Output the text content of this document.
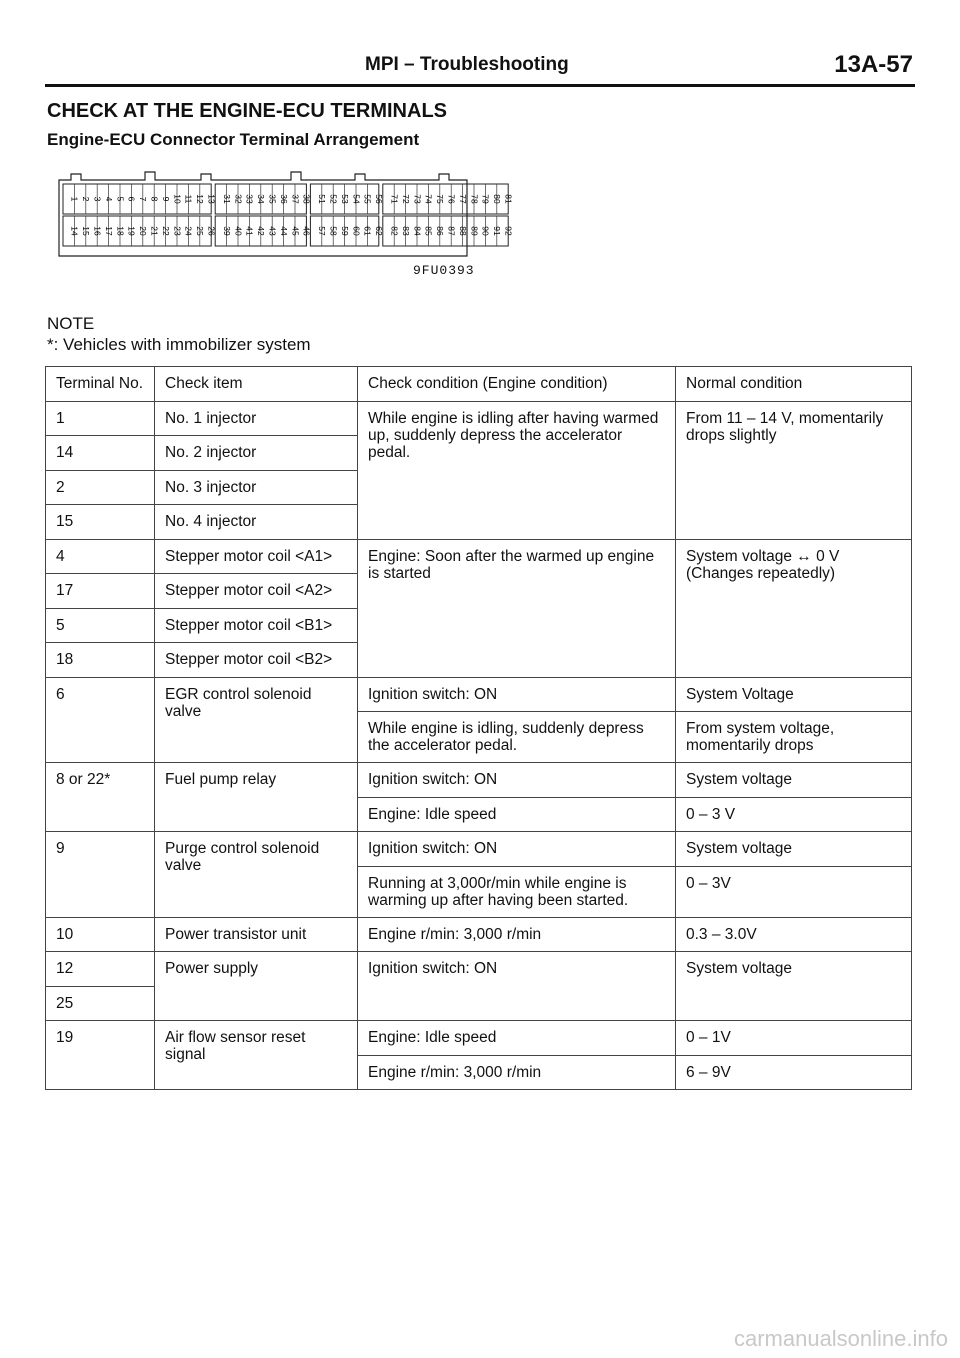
MPI – Troubleshooting	13A-57
CHECK AT THE ENGINE-ECU TERMINALS
Engine-ECU Connector Terminal Arrangement
1 2 3 4 5 6 7 8 9 10 11 12 13
14 15 16 17 18 19 20 21 22 23 24 25 26
31 32 33 34 35 36 37 38
39 40 41 42 43 44 45 46
51 52 53 54 55 56
57 58 59 60 61 62
71 72 73 74 75 76 77 78 79 80 81
82 83 84 85 86 87 88 89 90 91 92
9FU0393
NOTE
*: Vehicles with immobilizer system
Terminal No.	Check item	Check condition (Engine condition)	Normal condition
1	No. 1 injector	While engine is idling after having warmed up, suddenly depress the accelerator pedal.	From 11 – 14 V, momentarily drops slightly
14	No. 2 injector		
2	No. 3 injector		
15	No. 4 injector		
4	Stepper motor coil <A1>	Engine: Soon after the warmed up engine is started	System voltage ↔ 0 V (Changes repeatedly)
17	Stepper motor coil <A2>		
5	Stepper motor coil <B1>		
18	Stepper motor coil <B2>		
6	EGR control solenoid valve	Ignition switch: ON	System Voltage
		While engine is idling, suddenly depress the accelerator pedal.	From system voltage, momentarily drops
8 or 22*	Fuel pump relay	Ignition switch: ON	System voltage
		Engine: Idle speed	0 – 3 V
9	Purge control solenoid valve	Ignition switch: ON	System voltage
		Running at 3,000r/min while engine is warming up after having been started.	0 – 3V
10	Power transistor unit	Engine r/min: 3,000 r/min	0.3 – 3.0V
12	Power supply	Ignition switch: ON	System voltage
25			
19	Air flow sensor reset signal	Engine: Idle speed	0 – 1V
		Engine r/min: 3,000 r/min	6 – 9V
carmanualsonline.info
